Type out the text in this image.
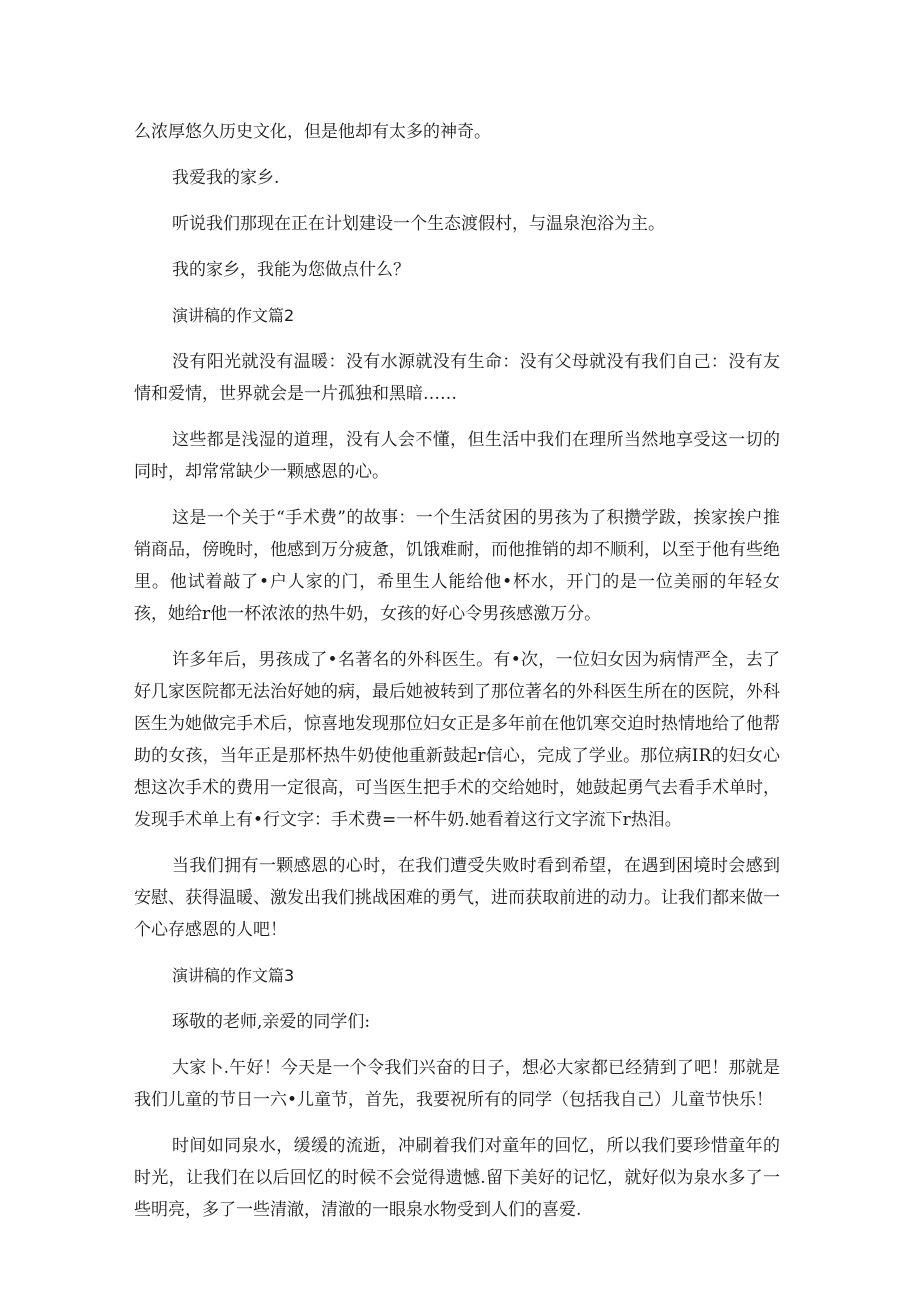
么浓厚悠久历史文化，但是他却有太多的神奇。

我爱我的家乡.

听说我们那现在正在计划建设一个生态渡假村，与温泉泡浴为主。

我的家乡，我能为您做点什么？

演讲稿的作文篇2

没有阳光就没有温暖：没有水源就没有生命：没有父母就没有我们自己：没有友情和爱情，世界就会是一片孤独和黑暗……

这些都是浅湿的道理，没有人会不懂，但生活中我们在理所当然地享受这一切的同时，却常常缺少一颗感恩的心。

这是一个关于“手术费”的故事：一个生活贫困的男孩为了积攒学跋，挨家挨户推销商品，傍晚时，他感到万分疲惫，饥饿难耐，而他推销的却不顺利，以至于他有些绝里。他试着敲了•户人家的门，希里生人能给他•杯水，开门的是一位美丽的年轻女孩，她给r他一杯浓浓的热牛奶，女孩的好心令男孩感激万分。

许多年后，男孩成了•名著名的外科医生。有•次，一位妇女因为病情严全，去了好几家医院都无法治好她的病，最后她被转到了那位著名的外科医生所在的医院，外科医生为她做完手术后，惊喜地发现那位妇女正是多年前在他饥寒交迫时热情地给了他帮助的女孩，当年正是那杯热牛奶使他重新鼓起r信心，完成了学业。那位病IR的妇女心想这次手术的费用一定很高，可当医生把手术的交给她时，她鼓起勇气去看手术单时，发现手术单上有•行文字：手术费=一杯牛奶.她看着这行文字流下r热泪。

当我们拥有一颗感恩的心时，在我们遭受失败时看到希望，在遇到困境时会感到安慰、获得温暖、激发出我们挑战困难的勇气，进而获取前进的动力。让我们都来做一个心存感恩的人吧！

演讲稿的作文篇3

琢敬的老师,亲爱的同学们:

大家卜.午好！今天是一个令我们兴奋的日子，想必大家都已经猜到了吧！那就是我们儿童的节日一六•儿童节，首先，我要祝所有的同学（包括我自己）儿童节快乐！

时间如同泉水，缓缓的流逝，冲刷着我们对童年的回忆，所以我们要珍惜童年的时光，让我们在以后回忆的时候不会觉得遗憾.留下美好的记忆，就好似为泉水多了一些明亮，多了一些清澈，清澈的一眼泉水物受到人们的喜爱.
